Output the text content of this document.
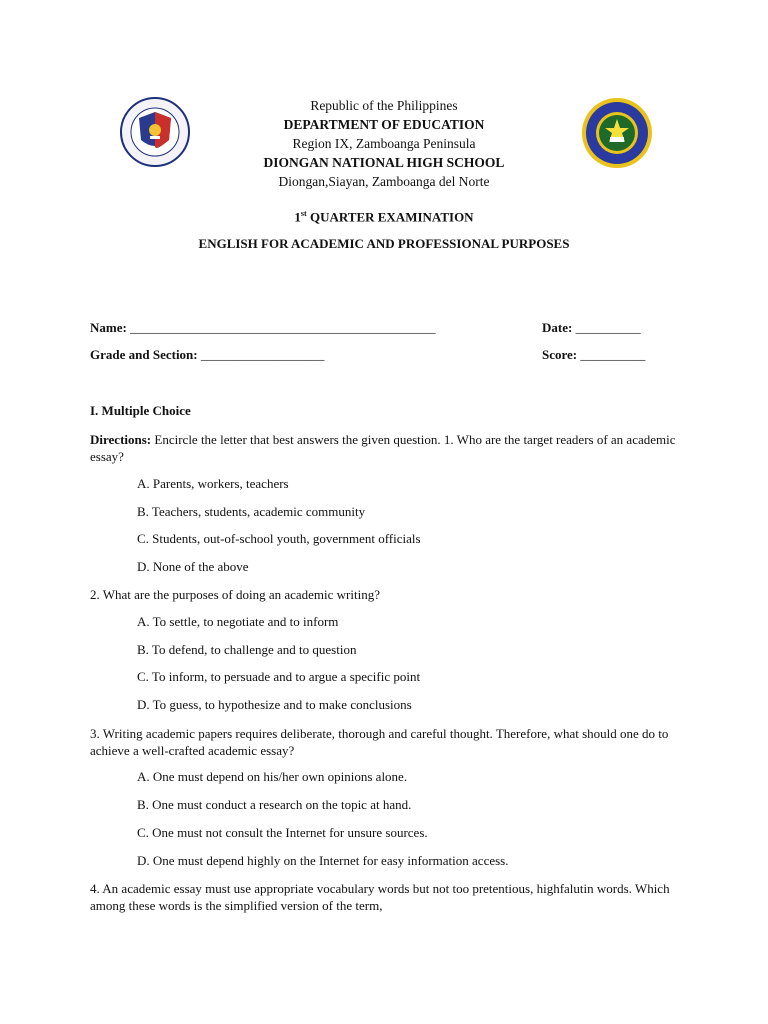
Republic of the Philippines
DEPARTMENT OF EDUCATION
Region IX, Zamboanga Peninsula
DIONGAN NATIONAL HIGH SCHOOL
Diongan,Siayan, Zamboanga del Norte
1st QUARTER EXAMINATION
ENGLISH FOR ACADEMIC AND PROFESSIONAL PURPOSES
Name: _______________________________________________	Date: __________
Grade and Section: ___________________	Score: __________
I. Multiple Choice
Directions: Encircle the letter that best answers the given question. 1. Who are the target readers of an academic essay?
A. Parents, workers, teachers
B. Teachers, students, academic community
C. Students, out-of-school youth, government officials
D. None of the above
2. What are the purposes of doing an academic writing?
A. To settle, to negotiate and to inform
B. To defend, to challenge and to question
C. To inform, to persuade and to argue a specific point
D. To guess, to hypothesize and to make conclusions
3. Writing academic papers requires deliberate, thorough and careful thought. Therefore, what should one do to achieve a well-crafted academic essay?
A. One must depend on his/her own opinions alone.
B. One must conduct a research on the topic at hand.
C. One must not consult the Internet for unsure sources.
D. One must depend highly on the Internet for easy information access.
4. An academic essay must use appropriate vocabulary words but not too pretentious, highfalutin words. Which among these words is the simplified version of the term,
